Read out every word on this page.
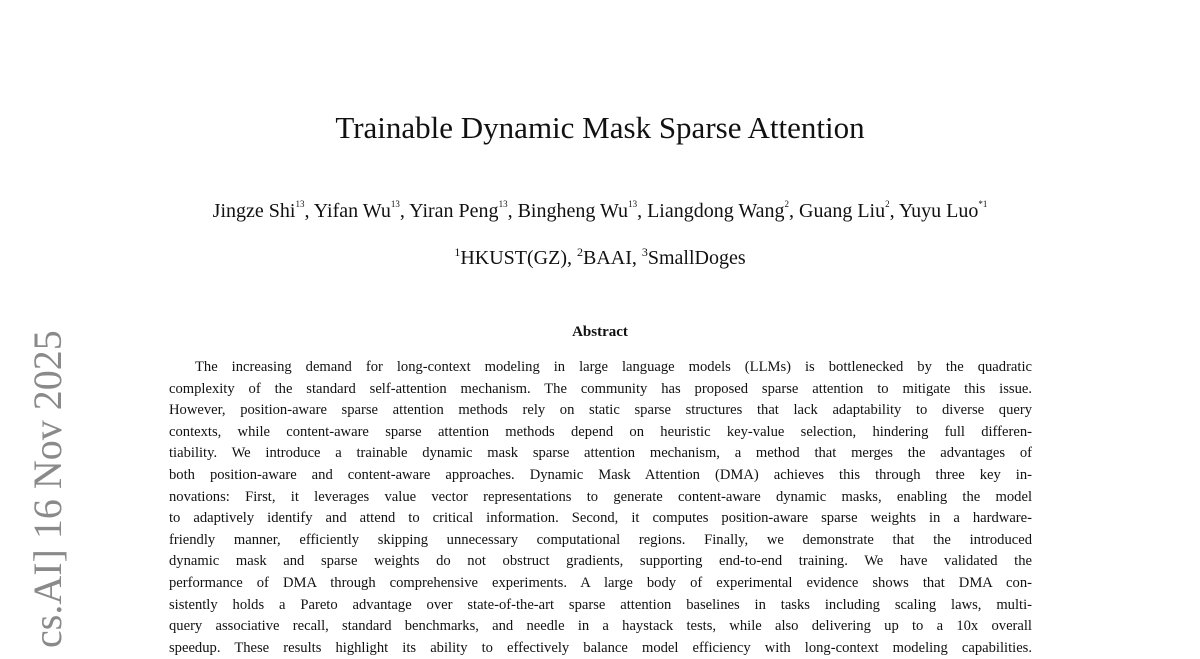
cs.AI] 16 Nov 2025
Trainable Dynamic Mask Sparse Attention
Jingze Shi$^{13}$, Yifan Wu$^{13}$, Yiran Peng$^{13}$, Bingheng Wu$^{13}$, Liangdong Wang$^2$, Guang Liu$^2$, Yuyu Luo$^{*1}$
$^1$HKUST(GZ), $^2$BAAI, $^3$SmallDoges
Abstract
The increasing demand for long-context modeling in large language models (LLMs) is bottlenecked by the quadratic
complexity of the standard self-attention mechanism. The community has proposed sparse attention to mitigate this issue.
However, position-aware sparse attention methods rely on static sparse structures that lack adaptability to diverse query
contexts, while content-aware sparse attention methods depend on heuristic key-value selection, hindering full differen-
tiability. We introduce a trainable dynamic mask sparse attention mechanism, a method that merges the advantages of
both position-aware and content-aware approaches. Dynamic Mask Attention (DMA) achieves this through three key in-
novations: First, it leverages value vector representations to generate content-aware dynamic masks, enabling the model
to adaptively identify and attend to critical information. Second, it computes position-aware sparse weights in a hardware-
friendly manner, efficiently skipping unnecessary computational regions. Finally, we demonstrate that the introduced
dynamic mask and sparse weights do not obstruct gradients, supporting end-to-end training. We have validated the
performance of DMA through comprehensive experiments. A large body of experimental evidence shows that DMA con-
sistently holds a Pareto advantage over state-of-the-art sparse attention baselines in tasks including scaling laws, multi-
query associative recall, standard benchmarks, and needle in a haystack tests, while also delivering up to a 10x overall
speedup. These results highlight its ability to effectively balance model efficiency with long-context modeling capabilities.
